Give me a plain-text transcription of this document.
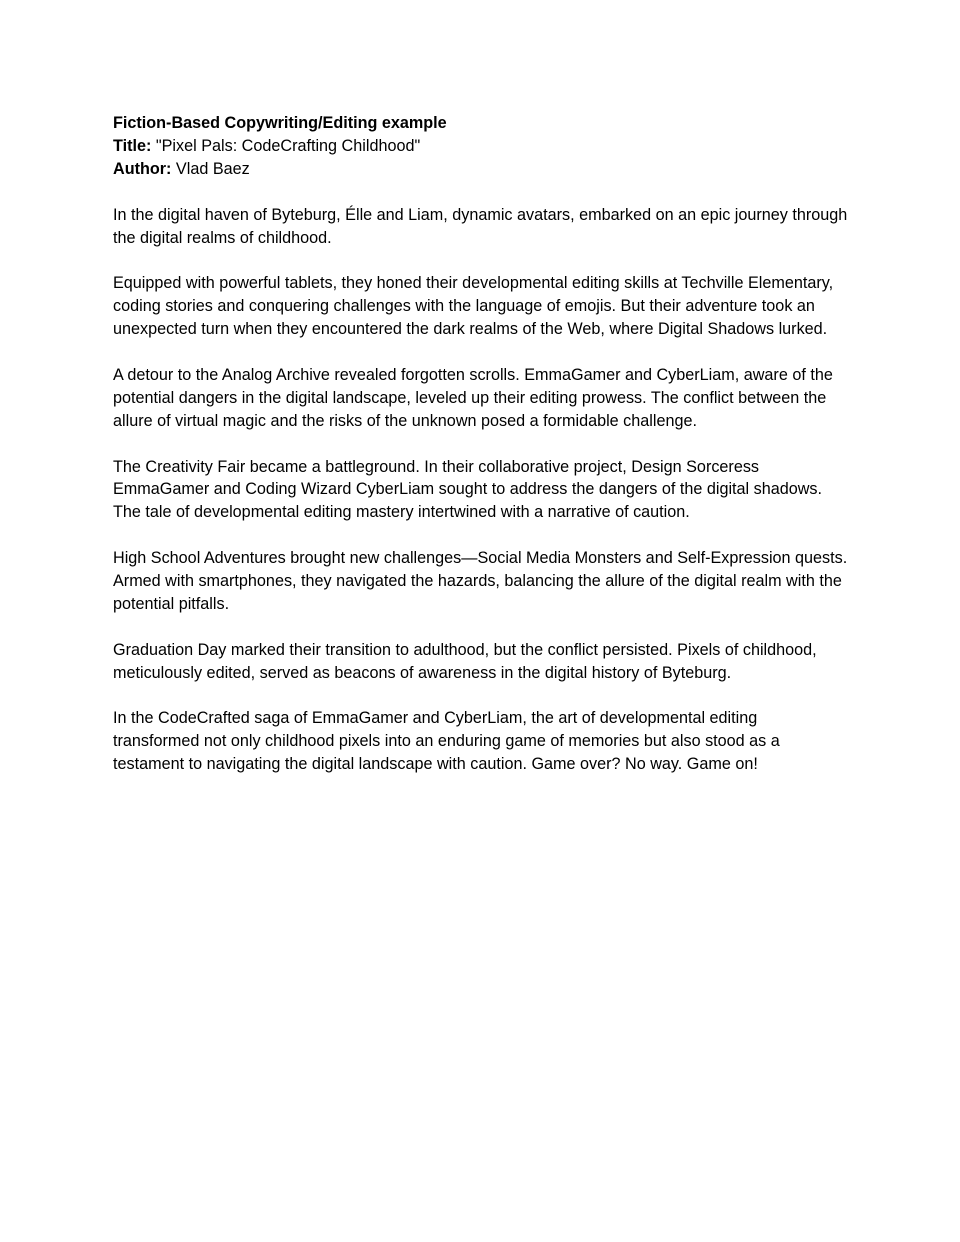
Fiction-Based Copywriting/Editing example
Title: "Pixel Pals: CodeCrafting Childhood"
Author: Vlad Baez

In the digital haven of Byteburg, Élle and Liam, dynamic avatars, embarked on an epic journey through the digital realms of childhood.

Equipped with powerful tablets, they honed their developmental editing skills at Techville Elementary, coding stories and conquering challenges with the language of emojis. But their adventure took an unexpected turn when they encountered the dark realms of the Web, where Digital Shadows lurked.

A detour to the Analog Archive revealed forgotten scrolls. EmmaGamer and CyberLiam, aware of the potential dangers in the digital landscape, leveled up their editing prowess. The conflict between the allure of virtual magic and the risks of the unknown posed a formidable challenge.

The Creativity Fair became a battleground. In their collaborative project, Design Sorceress EmmaGamer and Coding Wizard CyberLiam sought to address the dangers of the digital shadows. The tale of developmental editing mastery intertwined with a narrative of caution.

High School Adventures brought new challenges—Social Media Monsters and Self-Expression quests. Armed with smartphones, they navigated the hazards, balancing the allure of the digital realm with the potential pitfalls.

Graduation Day marked their transition to adulthood, but the conflict persisted. Pixels of childhood, meticulously edited, served as beacons of awareness in the digital history of Byteburg.

In the CodeCrafted saga of EmmaGamer and CyberLiam, the art of developmental editing transformed not only childhood pixels into an enduring game of memories but also stood as a testament to navigating the digital landscape with caution. Game over? No way. Game on!
